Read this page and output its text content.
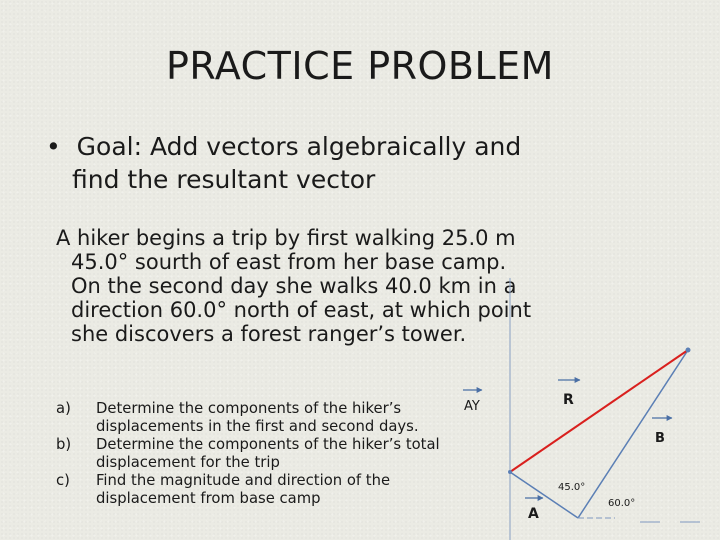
PRACTICE PROBLEM
• Goal: Add vectors algebraically and find the resultant vector
A hiker begins a trip by first walking 25.0 m 45.0° sourth of east from her base camp. On the second day she walks 40.0 km in a direction 60.0° north of east, at which point she discovers a forest ranger’s tower.
a) Determine the components of the hiker’s displacements in the first and second days.
b) Determine the components of the hiker’s total displacement for the trip
c) Find the magnitude and direction of the displacement from base camp
AY	R
B
A
45.0°
60.0°
